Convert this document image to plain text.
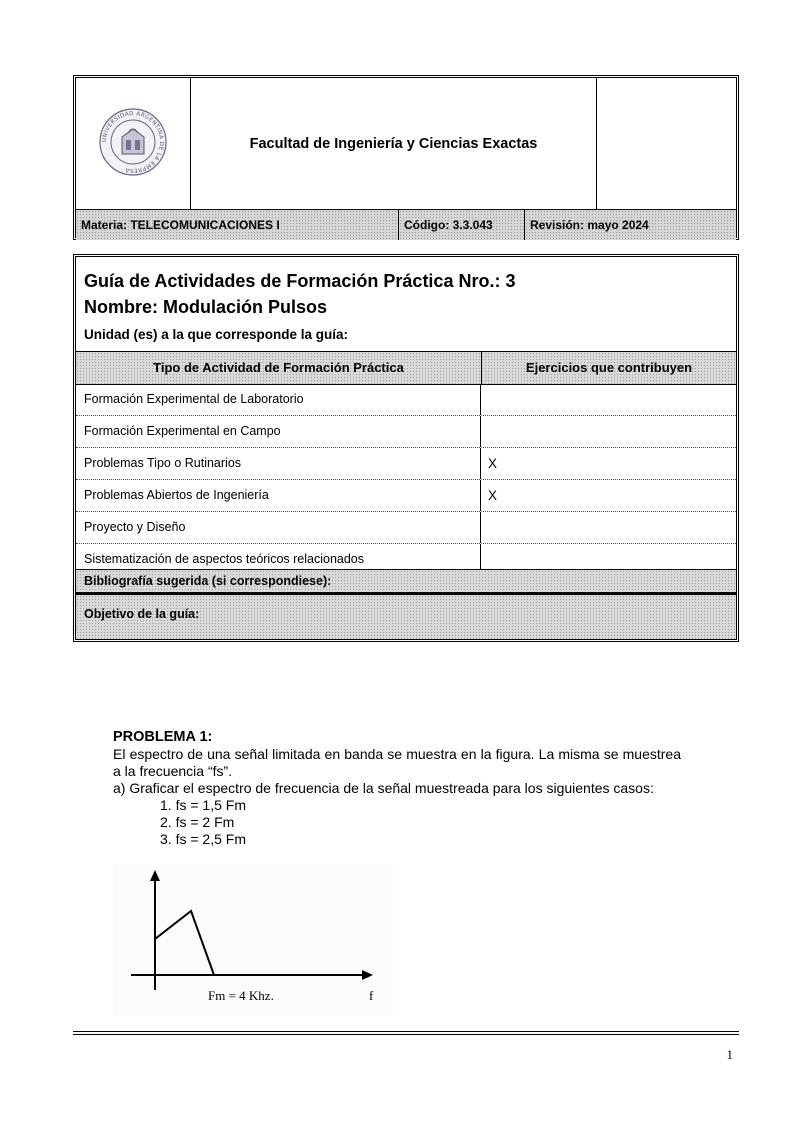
UNIVERSIDAD ARGENTINA DE LA EMPRESA
Facultad de Ingeniería y Ciencias Exactas
Materia: TELECOMUNICACIONES I	Código: 3.3.043	Revisión: mayo 2024
Guía de Actividades de Formación Práctica Nro.: 3
Nombre: Modulación Pulsos
Unidad (es) a la que corresponde la guía:
Tipo de Actividad de Formación Práctica	Ejercicios que contribuyen
Formación Experimental de Laboratorio
Formación Experimental en Campo
Problemas Tipo o Rutinarios	X
Problemas Abiertos de Ingeniería	X
Proyecto y Diseño
Sistematización de aspectos teóricos relacionados
Bibliografía sugerida (si correspondiese):
Objetivo de la guía:
PROBLEMA 1:
El espectro de una señal limitada en banda se muestra en la figura. La misma se muestrea a la frecuencia “fs”.
a) Graficar el espectro de frecuencia de la señal muestreada para los siguientes casos:
1. fs = 1,5 Fm
2. fs = 2 Fm
3. fs = 2,5 Fm
Fm = 4 Khz.	f
1
